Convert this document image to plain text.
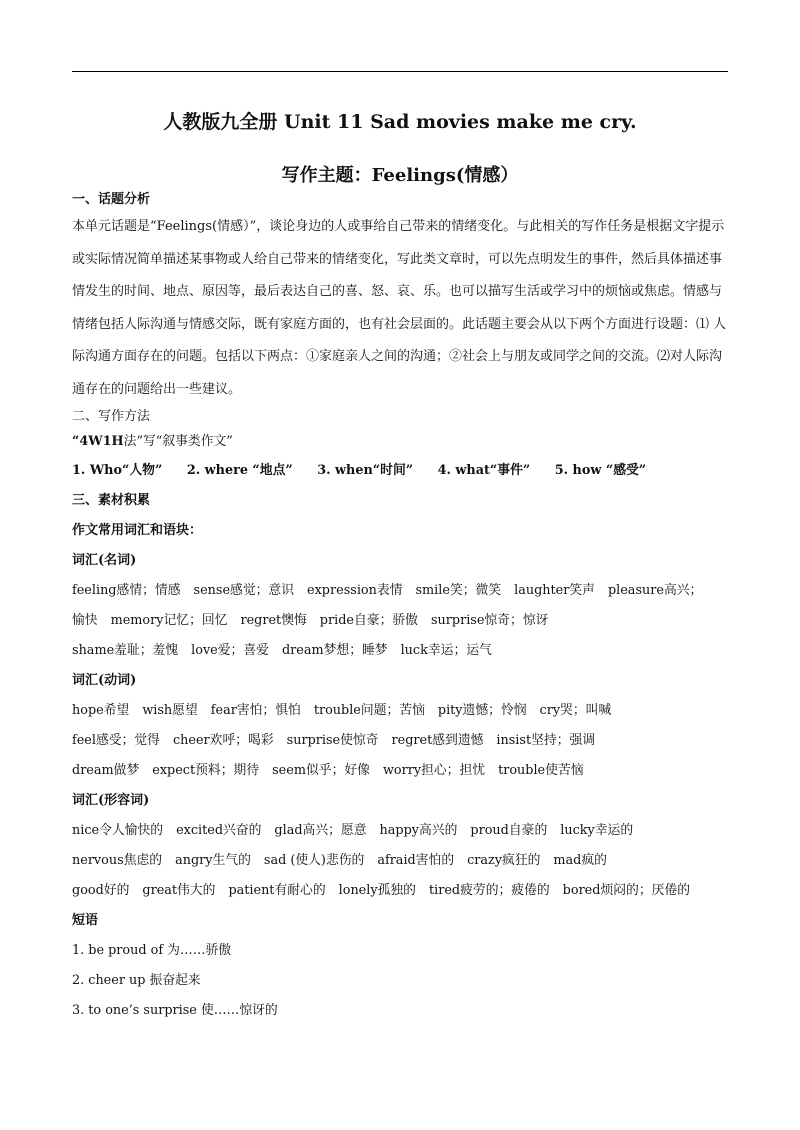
人教版九全册 Unit 11 Sad movies make me cry.
写作主题：Feelings(情感）
一、话题分析

本单元话题是“Feelings(情感）”，谈论身边的人或事给自己带来的情绪变化。与此相关的写作任务是根据文字提示或实际情况简单描述某事物或人给自己带来的情绪变化，写此类文章时，可以先点明发生的事件，然后具体描述事情发生的时间、地点、原因等，最后表达自己的喜、怒、哀、乐。也可以描写生活或学习中的烦恼或焦虑。情感与情绪包括人际沟通与情感交际，既有家庭方面的，也有社会层面的。此话题主要会从以下两个方面进行设题：⑴ 人际沟通方面存在的问题。包括以下两点：①家庭亲人之间的沟通；②社会上与朋友或同学之间的交流。⑵对人际沟通存在的问题给出一些建议。

二、写作方法
“4W1H法”写“叙事类作文”
1. Who“人物” 2. where “地点” 3. when“时间” 4. what“事件” 5. how “感受”
三、素材积累
作文常用词汇和语块：
词汇(名词)
feeling感情；情感 sense感觉；意识 expression表情 smile笑；微笑 laughter笑声 pleasure高兴；
愉快 memory记忆；回忆 regret懊悔 pride自豪；骄傲 surprise惊奇；惊讶
shame羞耻；羞愧 love爱；喜爱 dream梦想；睡梦 luck幸运；运气
词汇(动词)
hope希望 wish愿望 fear害怕；惧怕 trouble问题；苦恼 pity遗憾；怜悯 cry哭；叫喊
feel感受；觉得 cheer欢呼；喝彩 surprise使惊奇 regret感到遗憾 insist坚持；强调
dream做梦 expect预料；期待 seem似乎；好像 worry担心；担忧 trouble使苦恼
词汇(形容词)
nice令人愉快的 excited兴奋的 glad高兴；愿意 happy高兴的 proud自豪的 lucky幸运的
nervous焦虑的 angry生气的 sad (使人)悲伤的 afraid害怕的 crazy疯狂的 mad疯的
good好的 great伟大的 patient有耐心的 lonely孤独的 tired疲劳的；疲倦的 bored烦闷的；厌倦的
短语
1. be proud of 为……骄傲
2. cheer up 振奋起来
3. to one’s surprise 使……惊讶的
